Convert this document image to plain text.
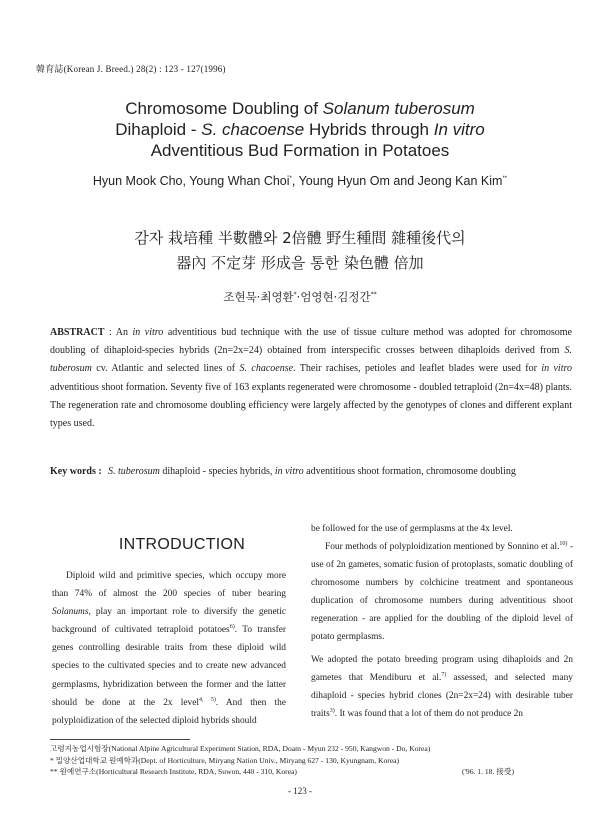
韓育誌(Korean J. Breed.) 28(2) : 123 - 127(1996)
Chromosome Doubling of Solanum tuberosum
Dihaploid - S. chacoense Hybrids through In vitro
Adventitious Bud Formation in Potatoes
Hyun Mook Cho, Young Whan Choi*, Young Hyun Om and Jeong Kan Kim**
감자 栽培種 半數體와 2倍體 野生種間 雜種後代의
器內 不定芽 形成을 통한 染色體 倍加
조현묵·최영환*·엄영현·김정간**
ABSTRACT : An in vitro adventitious bud technique with the use of tissue culture method was adopted for chromosome doubling of dihaploid-species hybrids (2n=2x=24) obtained from interspecific crosses between dihaploids derived from S. tuberosum cv. Atlantic and selected lines of S. chacoense. Their rachises, petioles and leaflet blades were used for in vitro adventitious shoot formation. Seventy five of 163 explants regenerated were chromosome - doubled tetraploid (2n=4x=48) plants. The regeneration rate and chromosome doubling efficiency were largely affected by the genotypes of clones and different explant types used.
Key words : S. tuberosum dihaploid - species hybrids, in vitro adventitious shoot formation, chromosome doubling
INTRODUCTION
Diploid wild and primitive species, which occupy more than 74% of almost the 200 species of tuber bearing Solanums, play an important role to diversify the genetic background of cultivated tetraploid potatoes$^{6)}$. To transfer genes controlling desirable traits from these diploid wild species to the cultivated species and to create new advanced germplasms, hybridization between the former and the latter should be done at the 2x level$^{4, 5)}$. And then the polyploidization of the selected diploid hybrids should
be followed for the use of germplasms at the 4x level.
Four methods of polyploidization mentioned by Sonnino et al.$^{10)}$ - use of 2n gametes, somatic fusion of protoplasts, somatic doubling of chromosome numbers by colchicine treatment and spontaneous duplication of chromosome numbers during adventitious shoot regeneration - are applied for the doubling of the diploid level of potato germplasms.
We adopted the potato breeding program using dihaploids and 2n gametes that Mendiburu et al.$^{7)}$ assessed, and selected many dihaploid - species hybrid clones (2n=2x=24) with desirable tuber traits$^{3)}$. It was found that a lot of them do not produce 2n
고령지농업시험장(National Alpine Agricultural Experiment Station, RDA, Doam - Myun 232 - 950, Kangwon - Do, Korea)
* 밀양산업대학교 원예학과(Dept. of Horticulture, Miryang Nation Univ., Miryang 627 - 130, Kyungnam, Korea)
** 원예연구소(Horticultural Research Institute, RDA, Suwon, 440 - 310, Korea)	('96. 1. 18. 接受)
- 123 -
